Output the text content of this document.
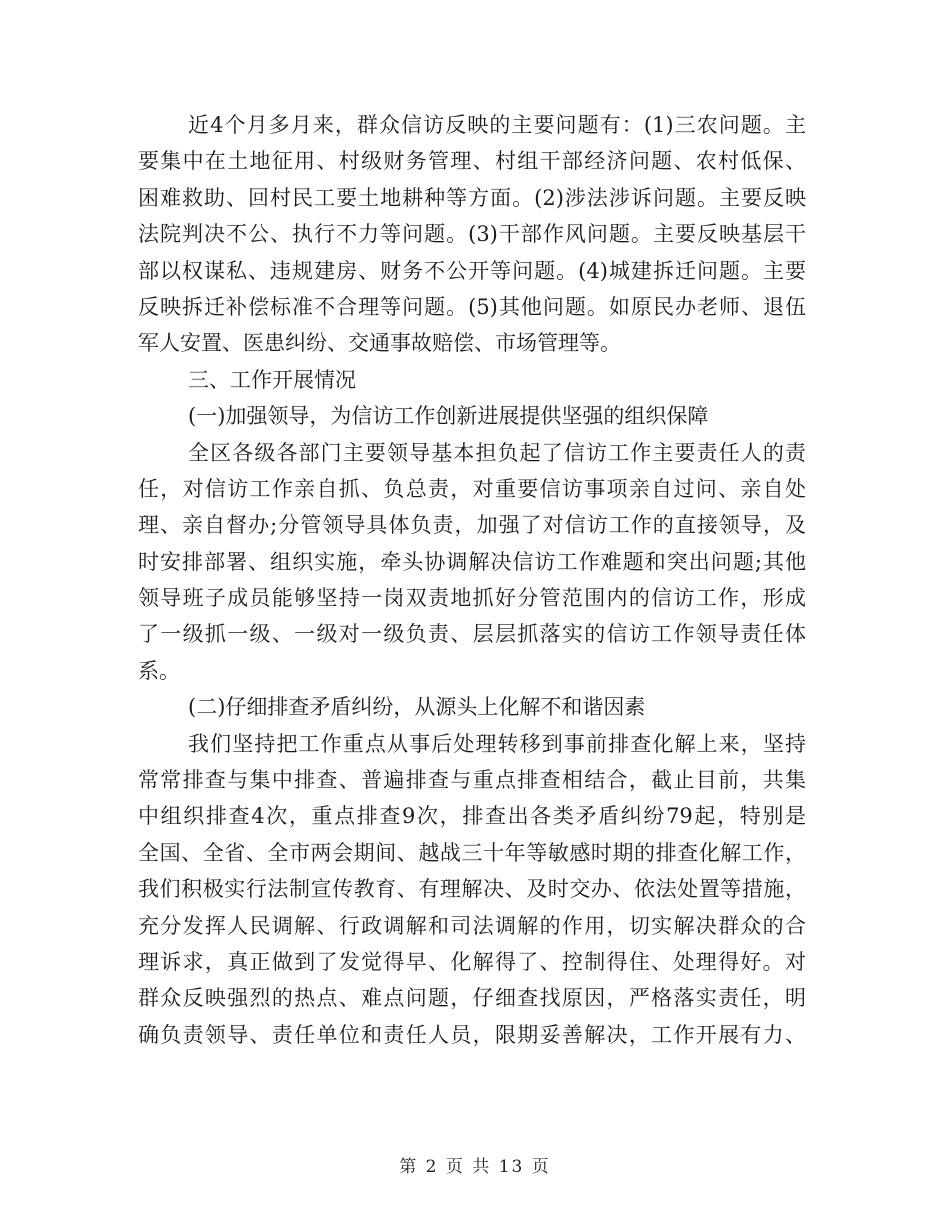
近4个月多月来，群众信访反映的主要问题有：(1)三农问题。主
要集中在土地征用、村级财务管理、村组干部经济问题、农村低保、
困难救助、回村民工要土地耕种等方面。(2)涉法涉诉问题。主要反映
法院判决不公、执行不力等问题。(3)干部作风问题。主要反映基层干
部以权谋私、违规建房、财务不公开等问题。(4)城建拆迁问题。主要
反映拆迁补偿标准不合理等问题。(5)其他问题。如原民办老师、退伍
军人安置、医患纠纷、交通事故赔偿、市场管理等。
三、工作开展情况
(一)加强领导，为信访工作创新进展提供坚强的组织保障
全区各级各部门主要领导基本担负起了信访工作主要责任人的责
任，对信访工作亲自抓、负总责，对重要信访事项亲自过问、亲自处
理、亲自督办;分管领导具体负责，加强了对信访工作的直接领导，及
时安排部署、组织实施，牵头协调解决信访工作难题和突出问题;其他
领导班子成员能够坚持一岗双责地抓好分管范围内的信访工作，形成
了一级抓一级、一级对一级负责、层层抓落实的信访工作领导责任体
系。
(二)仔细排查矛盾纠纷，从源头上化解不和谐因素
我们坚持把工作重点从事后处理转移到事前排查化解上来，坚持
常常排查与集中排查、普遍排查与重点排查相结合，截止目前，共集
中组织排查4次，重点排查9次，排查出各类矛盾纠纷79起，特别是
全国、全省、全市两会期间、越战三十年等敏感时期的排查化解工作，
我们积极实行法制宣传教育、有理解决、及时交办、依法处置等措施，
充分发挥人民调解、行政调解和司法调解的作用，切实解决群众的合
理诉求，真正做到了发觉得早、化解得了、控制得住、处理得好。对
群众反映强烈的热点、难点问题，仔细查找原因，严格落实责任，明
确负责领导、责任单位和责任人员，限期妥善解决，工作开展有力、
第 2 页 共 13 页
